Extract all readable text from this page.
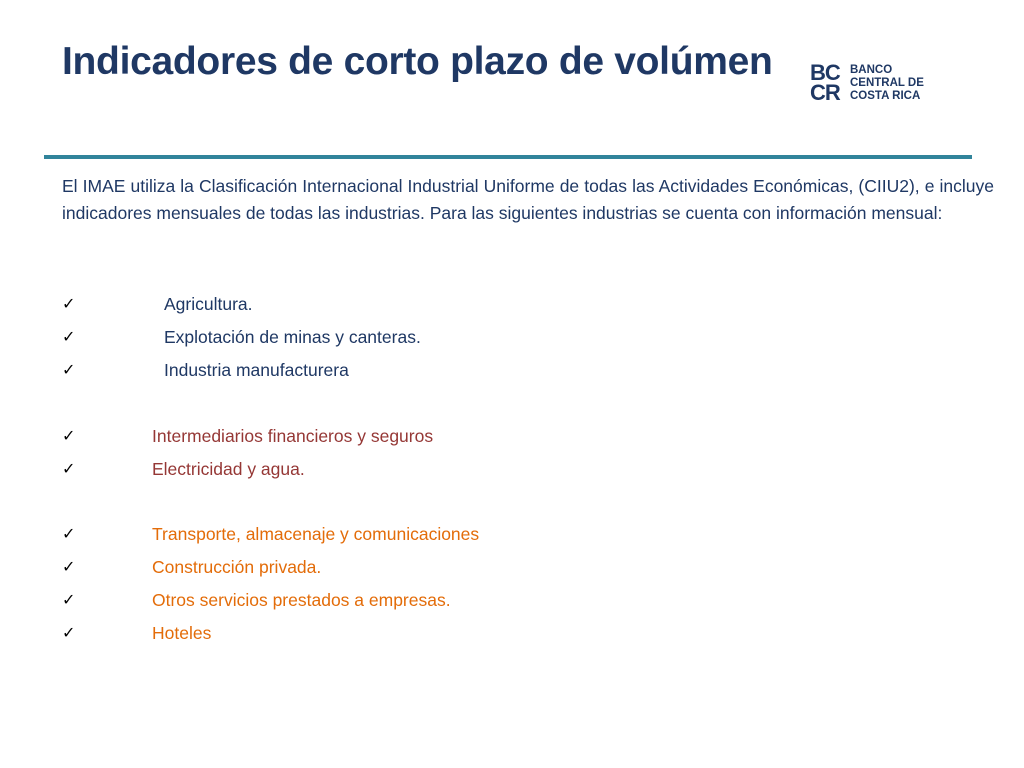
Indicadores de corto plazo de volúmen BC
CR
BANCO
CENTRAL DE
COSTA RICA

El IMAE utiliza la Clasificación Internacional Industrial Uniforme de todas las Actividades Económicas, (CIIU2), e incluye indicadores mensuales de todas las industrias. Para las siguientes industrias se cuenta con información mensual:

✓	Agricultura.
✓	Explotación de minas y canteras.
✓	Industria manufacturera
✓	Intermediarios financieros y seguros
✓	Electricidad y agua.
✓	Transporte, almacenaje y comunicaciones
✓	Construcción privada.
✓	Otros servicios prestados a empresas.
✓	Hoteles
